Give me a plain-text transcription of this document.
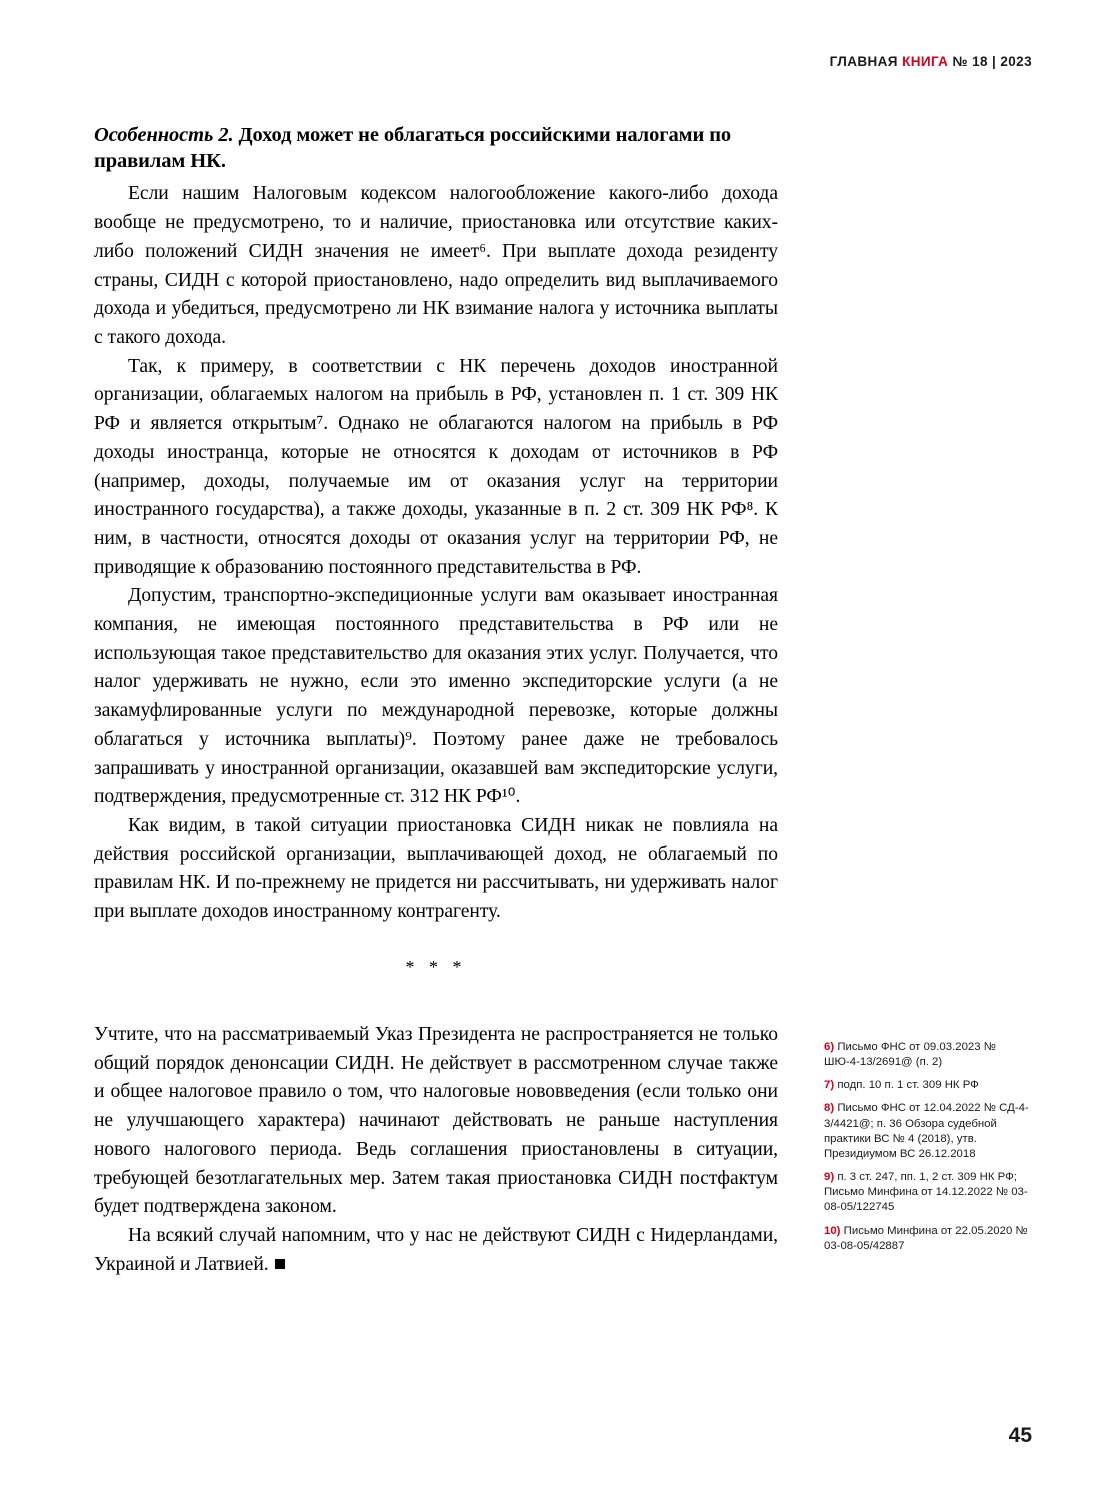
ГЛАВНАЯ КНИГА № 18 | 2023
Особенность 2. Доход может не облагаться российскими налогами по правилам НК.

Если нашим Налоговым кодексом налогообложение какого-либо дохода вообще не предусмотрено, то и наличие, приостановка или отсутствие каких-либо положений СИДН значения не имеет⁶. При выплате дохода резиденту страны, СИДН с которой приостановлено, надо определить вид выплачиваемого дохода и убедиться, предусмотрено ли НК взимание налога у источника выплаты с такого дохода.

Так, к примеру, в соответствии с НК перечень доходов иностранной организации, облагаемых налогом на прибыль в РФ, установлен п. 1 ст. 309 НК РФ и является открытым⁷. Однако не облагаются налогом на прибыль в РФ доходы иностранца, которые не относятся к доходам от источников в РФ (например, доходы, получаемые им от оказания услуг на территории иностранного государства), а также доходы, указанные в п. 2 ст. 309 НК РФ⁸. К ним, в частности, относятся доходы от оказания услуг на территории РФ, не приводящие к образованию постоянного представительства в РФ.

Допустим, транспортно-экспедиционные услуги вам оказывает иностранная компания, не имеющая постоянного представительства в РФ или не использующая такое представительство для оказания этих услуг. Получается, что налог удерживать не нужно, если это именно экспедиторские услуги (а не закамуфлированные услуги по международной перевозке, которые должны облагаться у источника выплаты)⁹. Поэтому ранее даже не требовалось запрашивать у иностранной организации, оказавшей вам экспедиторские услуги, подтверждения, предусмотренные ст. 312 НК РФ¹⁰.

Как видим, в такой ситуации приостановка СИДН никак не повлияла на действия российской организации, выплачивающей доход, не облагаемый по правилам НК. И по-прежнему не придется ни рассчитывать, ни удерживать налог при выплате доходов иностранному контрагенту.

* * *

Учтите, что на рассматриваемый Указ Президента не распространяется не только общий порядок денонсации СИДН. Не действует в рассмотренном случае также и общее налоговое правило о том, что налоговые нововведения (если только они не улучшающего характера) начинают действовать не раньше наступления нового налогового периода. Ведь соглашения приостановлены в ситуации, требующей безотлагательных мер. Затем такая приостановка СИДН постфактум будет подтверждена законом.

На всякий случай напомним, что у нас не действуют СИДН с Нидерландами, Украиной и Латвией.

6) Письмо ФНС от 09.03.2023 № ШЮ-4-13/2691@ (п. 2)
7) подп. 10 п. 1 ст. 309 НК РФ
8) Письмо ФНС от 12.04.2022 № СД-4-3/4421@; п. 36 Обзора судебной практики ВС № 4 (2018), утв. Президиумом ВС 26.12.2018
9) п. 3 ст. 247, пп. 1, 2 ст. 309 НК РФ; Письмо Минфина от 14.12.2022 № 03-08-05/122745
10) Письмо Минфина от 22.05.2020 № 03-08-05/42887
45
